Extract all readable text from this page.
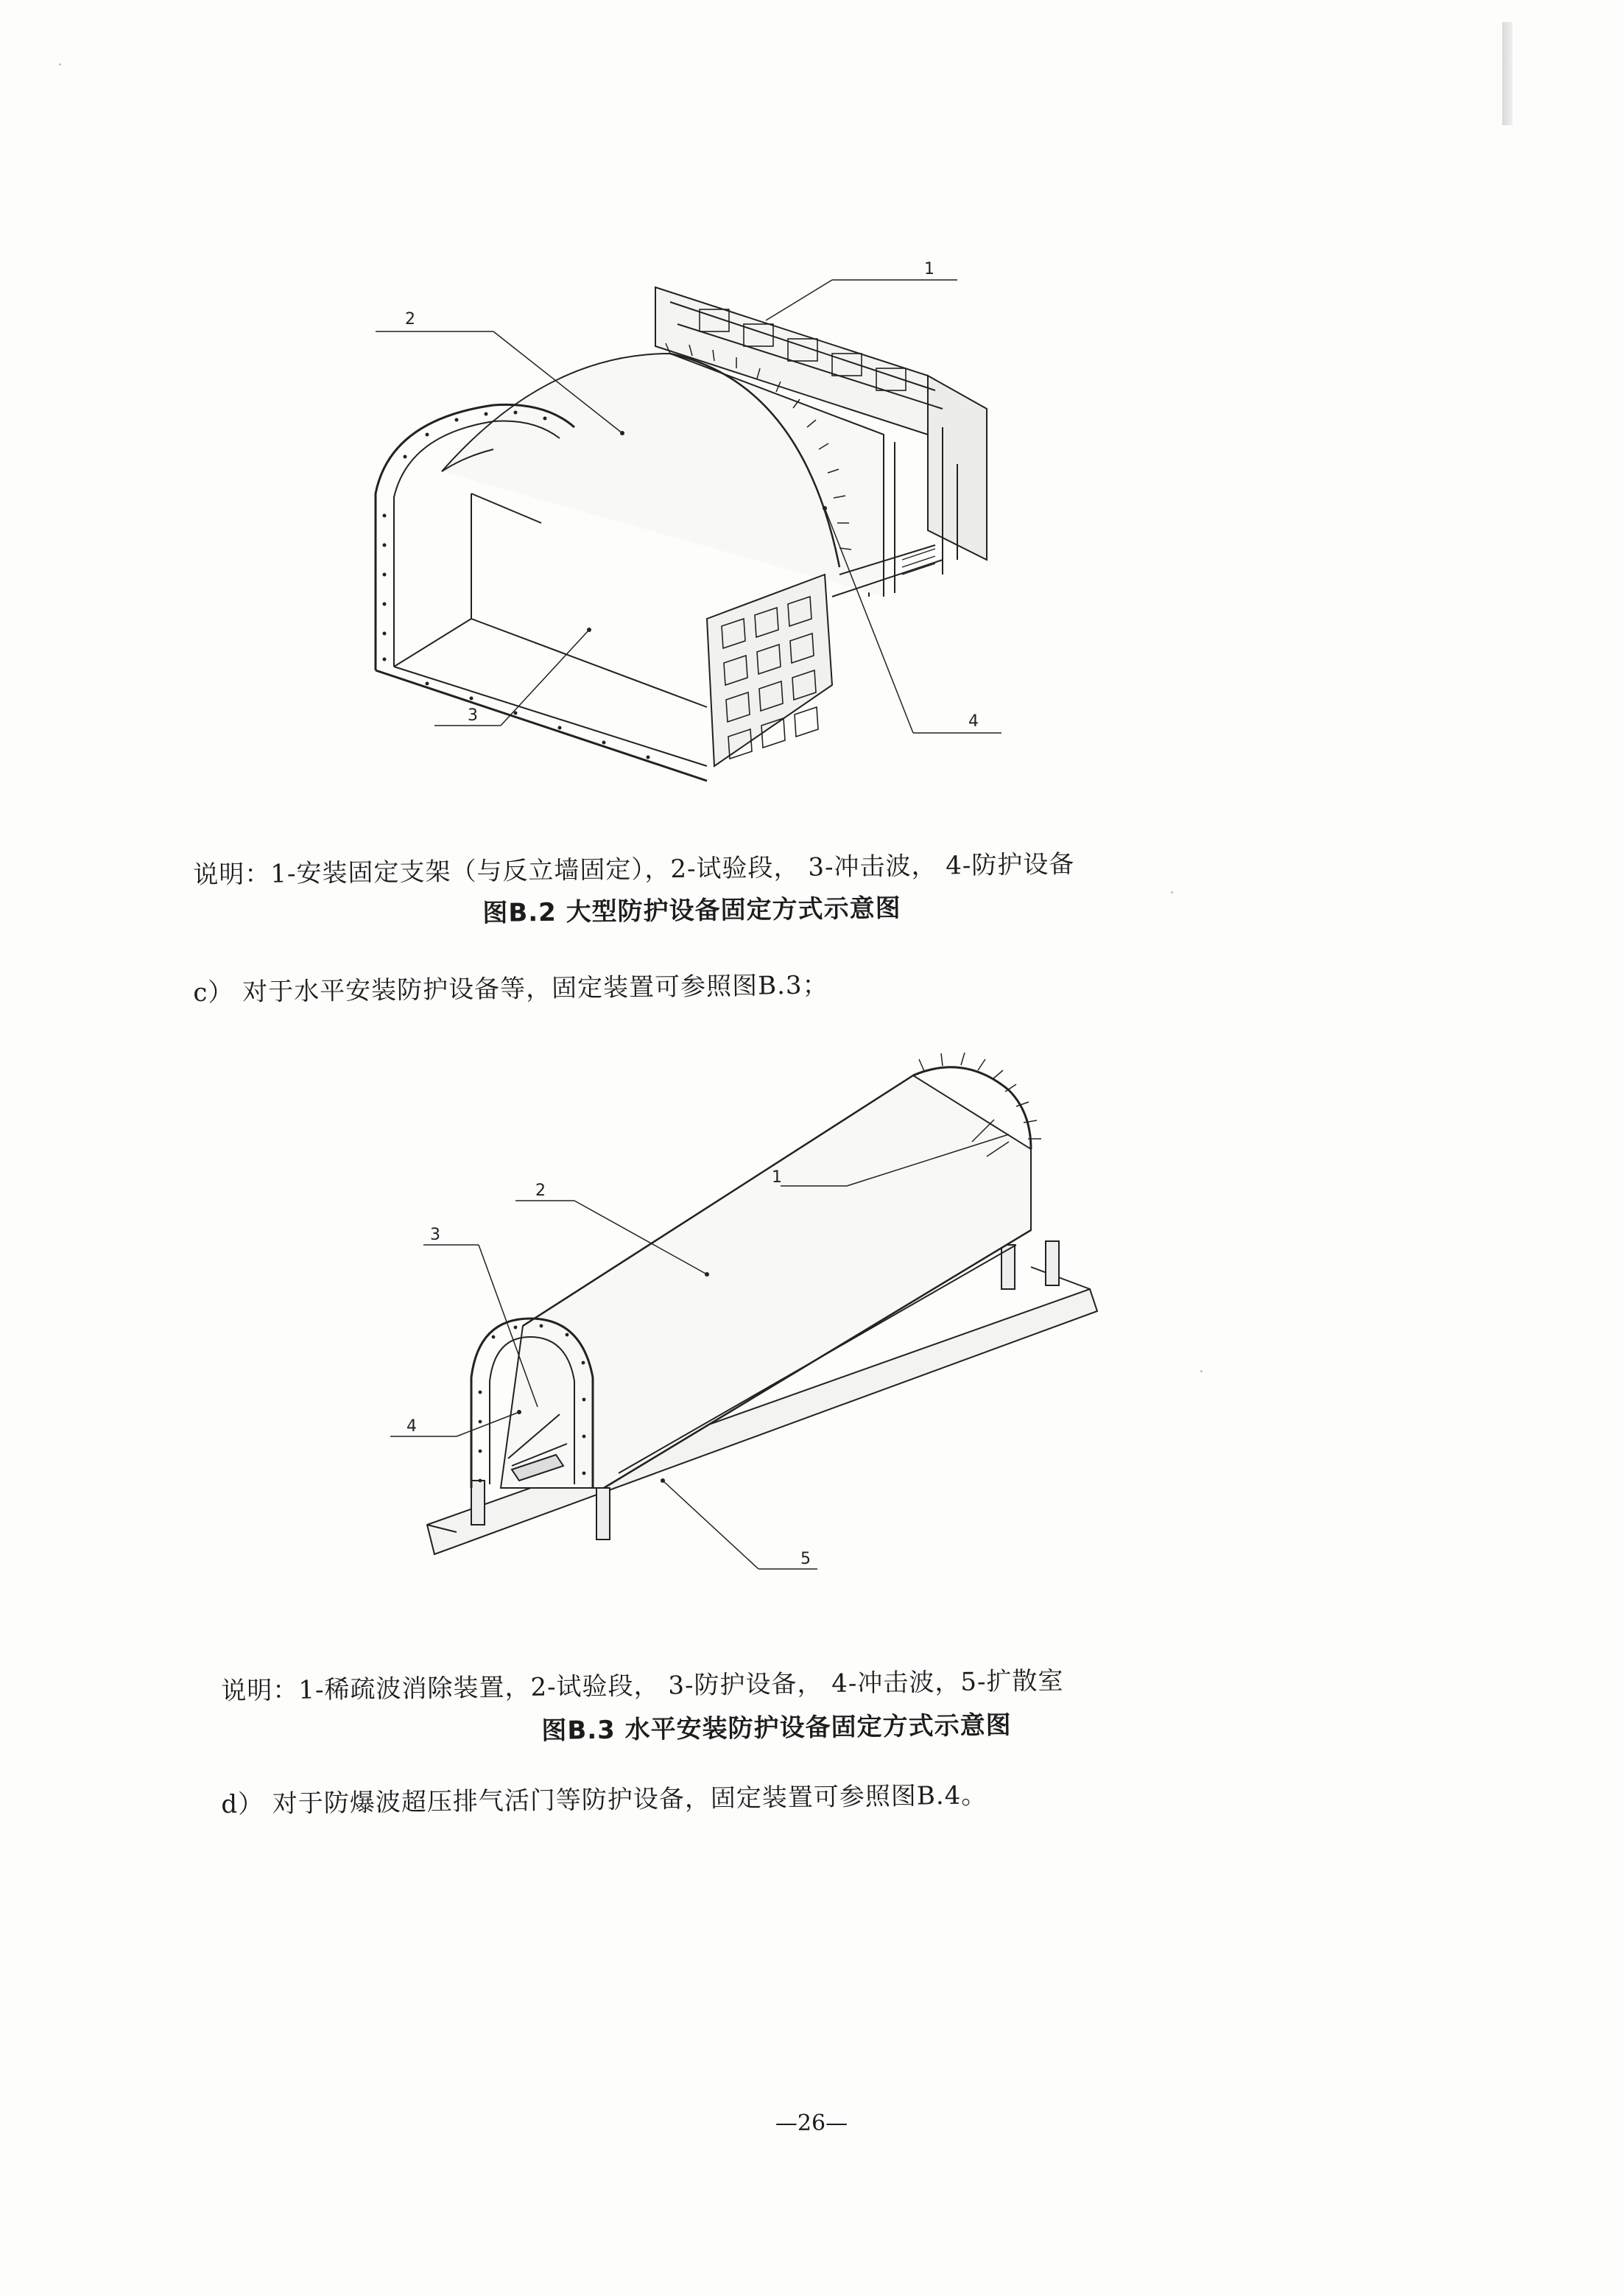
1
2
3	4
说明：1-安装固定支架（与反立墙固定），2-试验段， 3-冲击波， 4-防护设备
图B.2 大型防护设备固定方式示意图
c） 对于水平安装防护设备等，固定装置可参照图B.3；
1
2
3
4
5
说明：1-稀疏波消除装置，2-试验段， 3-防护设备， 4-冲击波，5-扩散室
图B.3 水平安装防护设备固定方式示意图
d） 对于防爆波超压排气活门等防护设备，固定装置可参照图B.4。
—26—
